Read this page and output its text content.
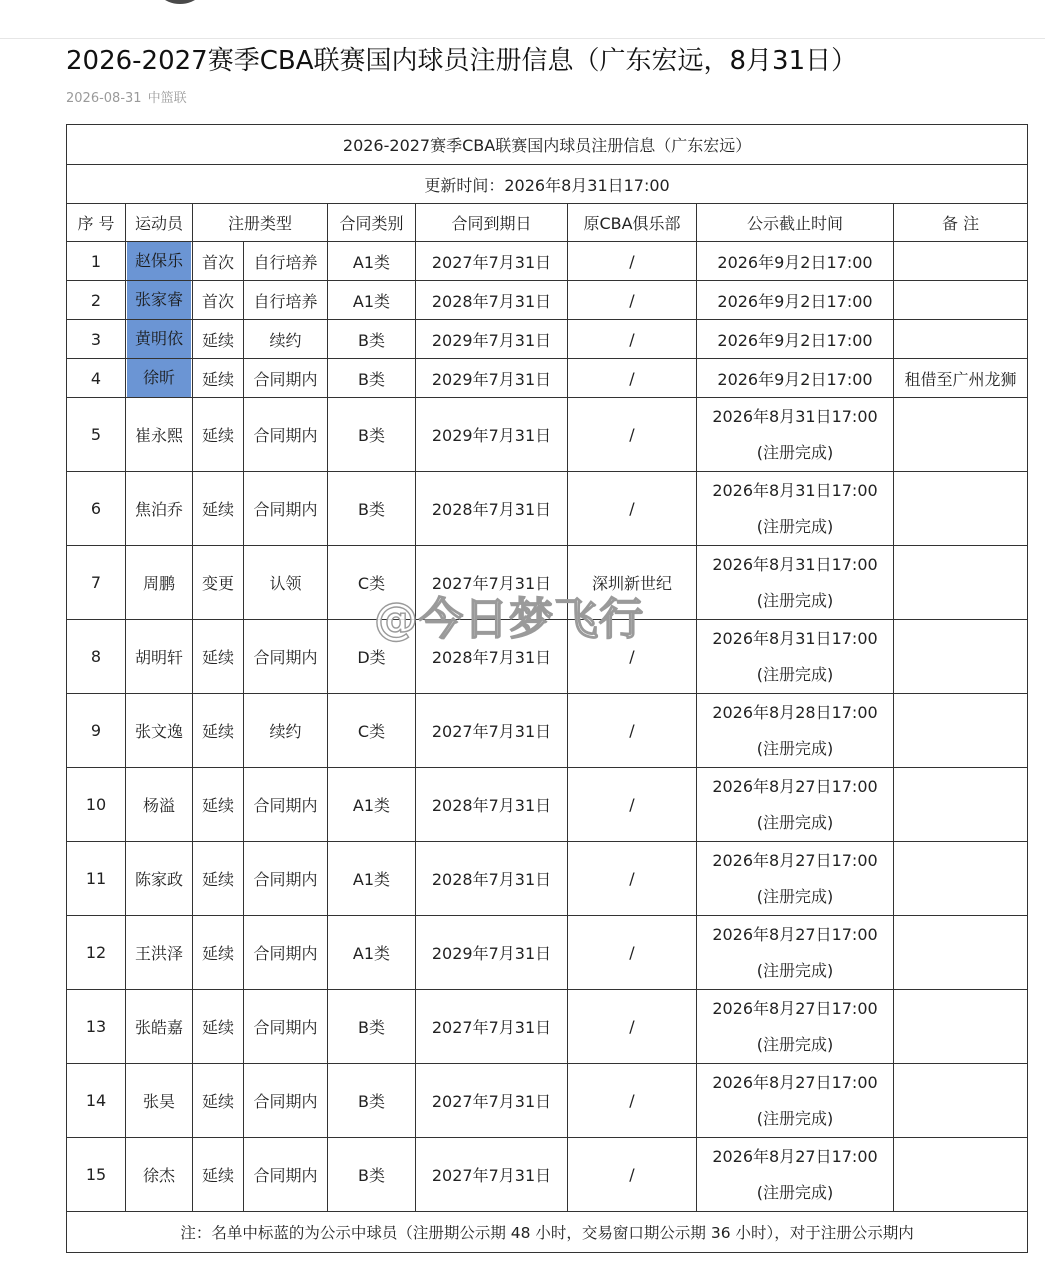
2026-2027赛季CBA联赛国内球员注册信息（广东宏远，8月31日）
2026-08-31 中篮联
2026-2027赛季CBA联赛国内球员注册信息（广东宏远）								
更新时间：2026年8月31日17:00								
序 号	运动员	注册类型		合同类别	合同到期日	原CBA俱乐部	公示截止时间	备 注
1	赵保乐	首次	自行培养	A1类	2027年7月31日	/	2026年9月2日17:00	

2	张家睿	首次	自行培养	A1类	2028年7月31日	/	2026年9月2日17:00	

3	黄明依	延续	续约	B类	2029年7月31日	/	2026年9月2日17:00	

4	徐昕	延续	合同期内	B类	2029年7月31日	/	2026年9月2日17:00	租借至广州龙狮
5	崔永熙	延续	合同期内	B类	2029年7月31日	/	2026年8月31日17:00
(注册完成)	

6	焦泊乔	延续	合同期内	B类	2028年7月31日	/	2026年8月31日17:00
(注册完成)	

7	周鹏	变更	认领	C类	2027年7月31日	深圳新世纪	2026年8月31日17:00
(注册完成)	

8	胡明轩	延续	合同期内	D类	2028年7月31日	/	2026年8月31日17:00
(注册完成)	

9	张文逸	延续	续约	C类	2027年7月31日	/	2026年8月28日17:00
(注册完成)	

10	杨溢	延续	合同期内	A1类	2028年7月31日	/	2026年8月27日17:00
(注册完成)	

11	陈家政	延续	合同期内	A1类	2028年7月31日	/	2026年8月27日17:00
(注册完成)	

12	王洪泽	延续	合同期内	A1类	2029年7月31日	/	2026年8月27日17:00
(注册完成)	

13	张皓嘉	延续	合同期内	B类	2027年7月31日	/	2026年8月27日17:00
(注册完成)	

14	张昊	延续	合同期内	B类	2027年7月31日	/	2026年8月27日17:00
(注册完成)	

15	徐杰	延续	合同期内	B类	2027年7月31日	/	2026年8月27日17:00
(注册完成)	

注：名单中标蓝的为公示中球员（注册期公示期 48 小时，交易窗口期公示期 36 小时），对于注册公示期内								
@今日梦飞行
